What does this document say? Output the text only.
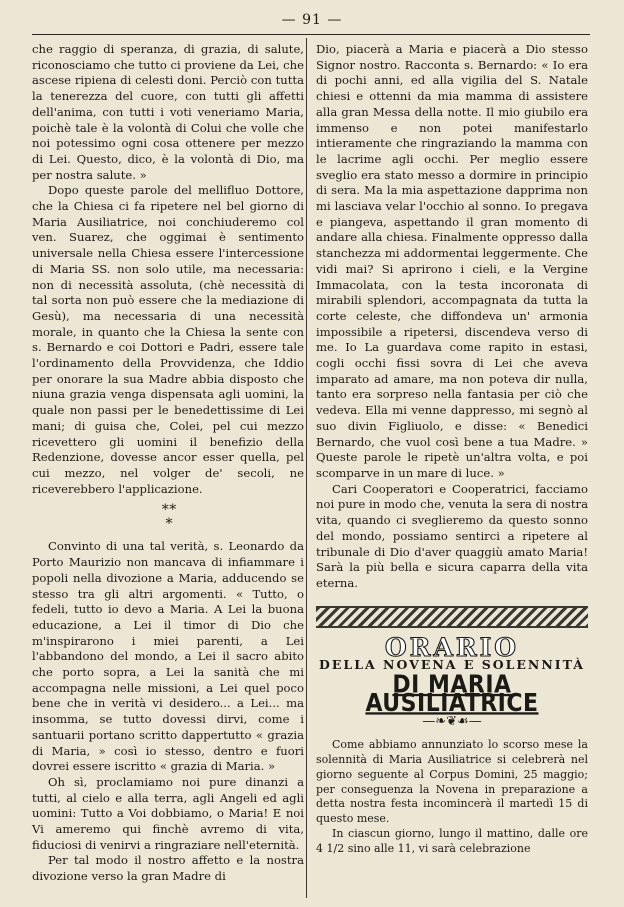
— 91 —

che raggio di speranza, di grazia, di salute, riconosciamo che tutto ci proviene da Lei, che ascese ripiena di celesti doni. Perciò con tutta la tenerezza del cuore, con tutti gli affetti dell'anima, con tutti i voti veneriamo Maria, poichè tale è la volontà di Colui che volle che noi potessimo ogni cosa ottenere per mezzo di Lei. Questo, dico, è la volontà di Dio, ma per nostra salute. »

Dopo queste parole del mellifluo Dottore, che la Chiesa ci fa ripetere nel bel giorno di Maria Ausiliatrice, noi conchiuderemo col ven. Suarez, che oggimai è sentimento universale nella Chiesa essere l'intercessione di Maria SS. non solo utile, ma necessaria: non di necessità assoluta, (chè necessità di tal sorta non può essere che la mediazione di Gesù), ma necessaria di una necessità morale, in quanto che la Chiesa la sente con s. Bernardo e coi Dottori e Padri, essere tale l'ordinamento della Provvidenza, che Iddio per onorare la sua Madre abbia disposto che niuna grazia venga dispensata agli uomini, la quale non passi per le benedettissime di Lei mani; di guisa che, Colei, pel cui mezzo ricevettero gli uomini il benefizio della Redenzione, dovesse ancor esser quella, pel cui mezzo, nel volger de' secoli, ne riceverebbero l'applicazione.

* *
*

Convinto di una tal verità, s. Leonardo da Porto Maurizio non mancava di infiammare i popoli nella divozione a Maria, adducendo se stesso tra gli altri argomenti. « Tutto, o fedeli, tutto io devo a Maria. A Lei la buona educazione, a Lei il timor di Dio che m'inspirarono i miei parenti, a Lei l'abbandono del mondo, a Lei il sacro abito che porto sopra, a Lei la sanità che mi accompagna nelle missioni, a Lei quel poco bene che in verità vi desidero... a Lei... ma insomma, se tutto dovessi dirvi, come i santuarii portano scritto dappertutto « grazia di Maria, » così io stesso, dentro e fuori dovrei essere iscritto « grazia di Maria. »

Oh sì, proclamiamo noi pure dinanzi a tutti, al cielo e alla terra, agli Angeli ed agli uomini: Tutto a Voi dobbiamo, o Maria! E noi Vi ameremo qui finchè avremo di vita, fiduciosi di venirvi a ringraziare nell'eternità.

Per tal modo il nostro affetto e la nostra divozione verso la gran Madre di

Dio, piacerà a Maria e piacerà a Dio stesso Signor nostro. Racconta s. Bernardo: « Io era di pochi anni, ed alla vigilia del S. Natale chiesi e ottenni da mia mamma di assistere alla gran Messa della notte. Il mio giubilo era immenso e non potei manifestarlo intieramente che ringraziando la mamma con le lacrime agli occhi. Per meglio essere sveglio era stato messo a dormire in principio di sera. Ma la mia aspettazione dapprima non mi lasciava velar l'occhio al sonno. Io pregava e piangeva, aspettando il gran momento di andare alla chiesa. Finalmente oppresso dalla stanchezza mi addormentai leggermente. Che vidi mai? Si aprirono i cieli, e la Vergine Immacolata, con la testa incoronata di mirabili splendori, accompagnata da tutta la corte celeste, che diffondeva un' armonia impossibile a ripetersi, discendeva verso di me. Io La guardava come rapito in estasi, cogli occhi fissi sovra di Lei che aveva imparato ad amare, ma non poteva dir nulla, tanto era sorpreso nella fantasia per ciò che vedeva. Ella mi venne dappresso, mi segnò al suo divin Figliuolo, e disse: « Benedici Bernardo, che vuol così bene a tua Madre. » Queste parole le ripetè un'altra volta, e poi scomparve in un mare di luce. »

Cari Cooperatori e Cooperatrici, facciamo noi pure in modo che, venuta la sera di nostra vita, quando ci sveglieremo da questo sonno del mondo, possiamo sentirci a ripetere al tribunale di Dio d'aver quaggiù amato Maria! Sarà la più bella e sicura caparra della vita eterna.

ORARIO
DELLA NOVENA E SOLENNITÀ
DI MARIA AUSILIATRICE
—❧❦☙—

Come abbiamo annunziato lo scorso mese la solennità di Maria Ausiliatrice si celebrerà nel giorno seguente al Corpus Domini, 25 maggio; per conseguenza la Novena in preparazione a detta nostra festa incomincerà il martedì 15 di questo mese.

In ciascun giorno, lungo il mattino, dalle ore 4 1/2 sino alle 11, vi sarà celebrazione
